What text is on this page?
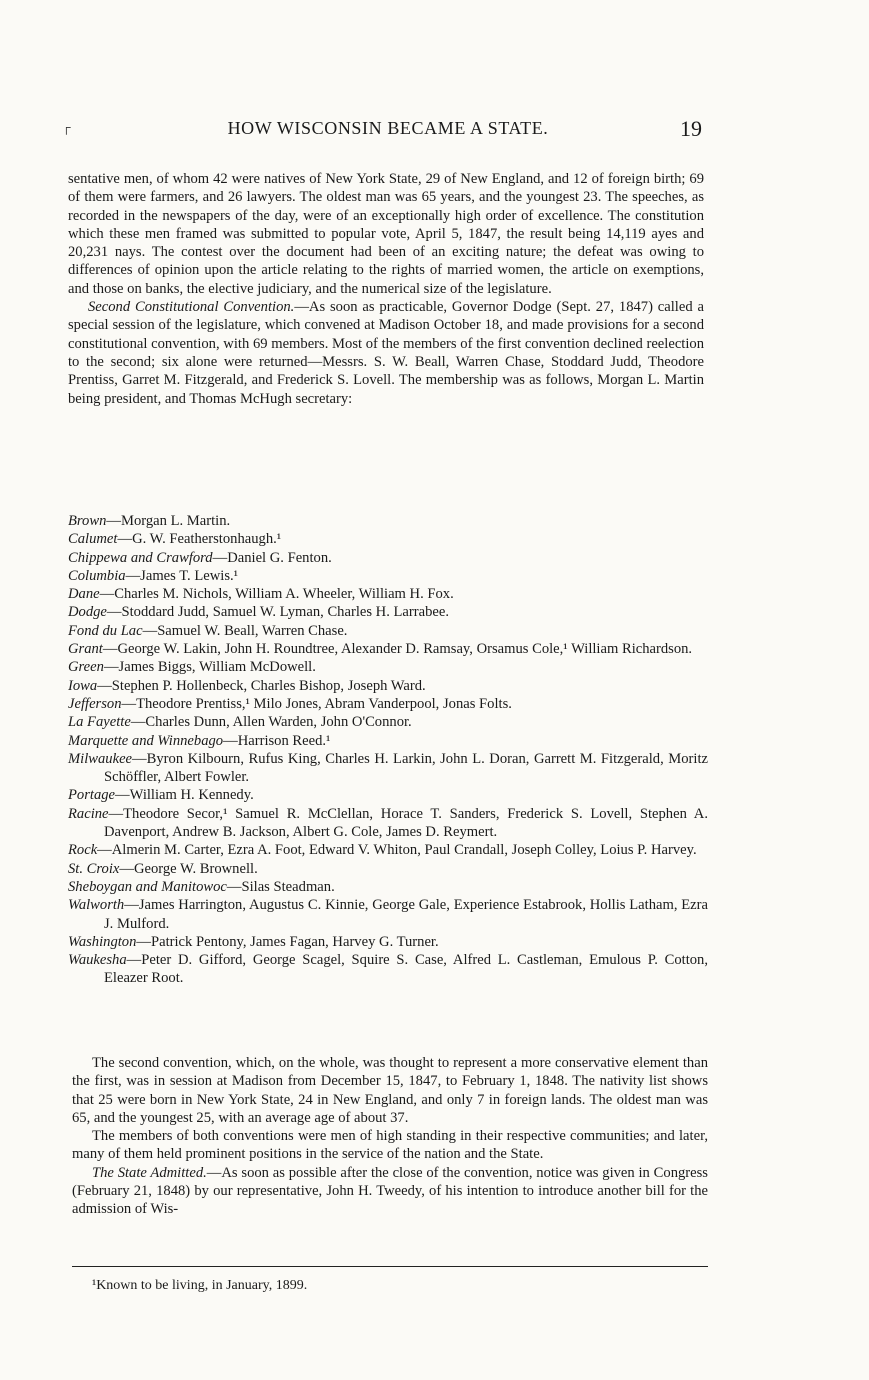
┌	HOW WISCONSIN BECAME A STATE.	19

sentative men, of whom 42 were natives of New York State, 29 of New England, and 12 of foreign birth; 69 of them were farmers, and 26 lawyers. The oldest man was 65 years, and the youngest 23. The speeches, as recorded in the newspapers of the day, were of an exceptionally high order of excellence. The constitution which these men framed was submitted to popular vote, April 5, 1847, the result being 14,119 ayes and 20,231 nays. The contest over the document had been of an exciting nature; the defeat was owing to differences of opinion upon the article relating to the rights of married women, the article on exemptions, and those on banks, the elective judiciary, and the numerical size of the legislature.

Second Constitutional Convention.—As soon as practicable, Governor Dodge (Sept. 27, 1847) called a special session of the legislature, which convened at Madison October 18, and made provisions for a second constitutional convention, with 69 members. Most of the members of the first convention declined reelection to the second; six alone were returned—Messrs. S. W. Beall, Warren Chase, Stoddard Judd, Theodore Prentiss, Garret M. Fitzgerald, and Frederick S. Lovell. The membership was as follows, Morgan L. Martin being president, and Thomas McHugh secretary:

Brown—Morgan L. Martin.

Calumet—G. W. Featherstonhaugh.¹

Chippewa and Crawford—Daniel G. Fenton.

Columbia—James T. Lewis.¹

Dane—Charles M. Nichols, William A. Wheeler, William H. Fox.

Dodge—Stoddard Judd, Samuel W. Lyman, Charles H. Larrabee.

Fond du Lac—Samuel W. Beall, Warren Chase.

Grant—George W. Lakin, John H. Roundtree, Alexander D. Ramsay, Orsamus Cole,¹ William Richardson.

Green—James Biggs, William McDowell.

Iowa—Stephen P. Hollenbeck, Charles Bishop, Joseph Ward.

Jefferson—Theodore Prentiss,¹ Milo Jones, Abram Vanderpool, Jonas Folts.

La Fayette—Charles Dunn, Allen Warden, John O'Connor.

Marquette and Winnebago—Harrison Reed.¹

Milwaukee—Byron Kilbourn, Rufus King, Charles H. Larkin, John L. Doran, Garrett M. Fitzgerald, Moritz Schöffler, Albert Fowler.

Portage—William H. Kennedy.

Racine—Theodore Secor,¹ Samuel R. McClellan, Horace T. Sanders, Frederick S. Lovell, Stephen A. Davenport, Andrew B. Jackson, Albert G. Cole, James D. Reymert.

Rock—Almerin M. Carter, Ezra A. Foot, Edward V. Whiton, Paul Crandall, Joseph Colley, Loius P. Harvey.

St. Croix—George W. Brownell.

Sheboygan and Manitowoc—Silas Steadman.

Walworth—James Harrington, Augustus C. Kinnie, George Gale, Experience Estabrook, Hollis Latham, Ezra J. Mulford.

Washington—Patrick Pentony, James Fagan, Harvey G. Turner.

Waukesha—Peter D. Gifford, George Scagel, Squire S. Case, Alfred L. Castleman, Emulous P. Cotton, Eleazer Root.

The second convention, which, on the whole, was thought to represent a more conservative element than the first, was in session at Madison from December 15, 1847, to February 1, 1848. The nativity list shows that 25 were born in New York State, 24 in New England, and only 7 in foreign lands. The oldest man was 65, and the youngest 25, with an average age of about 37.

The members of both conventions were men of high standing in their respective communities; and later, many of them held prominent positions in the service of the nation and the State.

The State Admitted.—As soon as possible after the close of the convention, notice was given in Congress (February 21, 1848) by our representative, John H. Tweedy, of his intention to introduce another bill for the admission of Wis-

¹Known to be living, in January, 1899.
